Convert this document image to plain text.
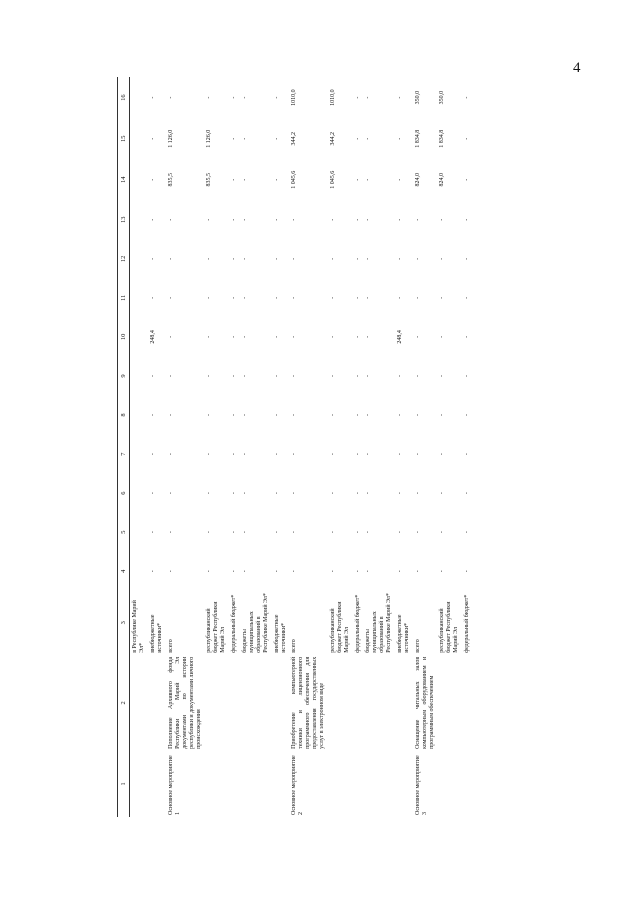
4
1	2	3	4	5	6	7	8	9	10	11	12	13	14	15	16
		в Республике Марий Эл*													
		внебюджетные источники*	-	-	-	-	-	-	248,4	-	-	-	-	-	-
Основное мероприятие 1	Пополнение Архивного фонда Республики Марий Эл документами по истории республики и документами личного происхождения	всего	-	-	-	-	-	-	-	-	-	-	835,5	1 126,0	-
		республиканский бюджет Республики Марий Эл	-	-	-	-	-	-	-	-	-	-	835,5	1 126,0	-
		федеральный бюджет*	-	-	-	-	-	-	-	-	-	-	-	-	-
		бюджеты муниципальных образований в Республике Марий Эл*	-	-	-	-	-	-	-	-	-	-	-	-	-
		внебюджетные источники*	-	-	-	-	-	-	-	-	-	-	-	-	-
Основное мероприятие 2	Приобретение компьютерной техники и лицензионного программного обеспечения для предоставления государственных услуг в электронном виде	всего	-	-	-	-	-	-	-	-	-	-	1 045,6	344,2	1010,0
		республиканский бюджет Республики Марий Эл	-	-	-	-	-	-	-	-	-	-	1 045,6	344,2	1010,0
		федеральный бюджет*	-	-	-	-	-	-	-	-	-	-	-	-	-
		бюджеты муниципальных образований в Республике Марий Эл*	-	-	-	-	-	-	-	-	-	-	-	-	-
		внебюджетные источники*	-	-	-	-	-	-	248,4	-	-	-	-	-	-
Основное мероприятие 3	Оснащение читальных залов компьютерным оборудованием и программным обеспечением	всего	-	-	-	-	-	-	-	-	-	-	824,0	1 834,8	350,0
		республиканский бюджет Республики Марий Эл	-	-	-	-	-	-	-	-	-	-	824,0	1 834,8	350,0
		федеральный бюджет*	-	-	-	-	-	-	-	-	-	-	-	-	-
